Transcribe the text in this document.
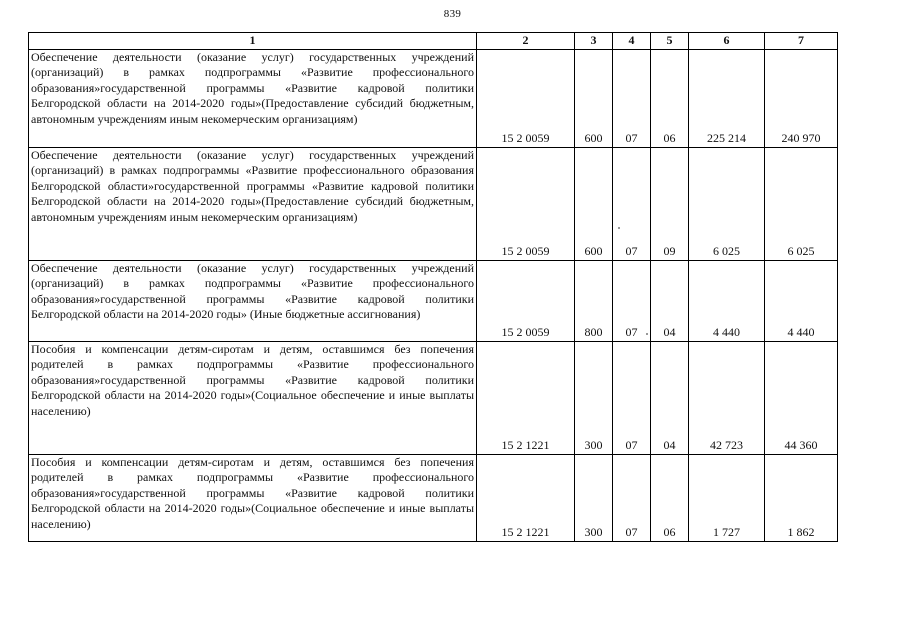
839
1	2	3	4	5	6	7
Обеспечение деятельности (оказание услуг) государственных учреждений (организаций) в рамках подпрограммы «Развитие профессионального образования»государственной программы «Развитие кадровой политики Белгородской области на 2014-2020 годы»(Предоставление субсидий бюджетным, автономным учреждениям иным некомерческим организациям)	15 2 0059	600	07	06	225 214	240 970
Обеспечение деятельности (оказание услуг) государственных учреждений (организаций) в рамках подпрограммы «Развитие профессионального образования Белгородской области»государственной программы «Развитие кадровой политики Белгородской области на 2014-2020 годы»(Предоставление субсидий бюджетным, автономным учреждениям иным некомерческим организациям)	15 2 0059	600	07	09	6 025	6 025
Обеспечение деятельности (оказание услуг) государственных учреждений (организаций) в рамках подпрограммы «Развитие профессионального образования»государственной программы «Развитие кадровой политики Белгородской области на 2014-2020 годы» (Иные бюджетные ассигнования)	15 2 0059	800	07	04	4 440	4 440
Пособия и компенсации детям-сиротам и детям, оставшимся без попечения родителей в рамках подпрограммы «Развитие профессионального образования»государственной программы «Развитие кадровой политики Белгородской области на 2014-2020 годы»(Социальное обеспечение и иные выплаты населению)	15 2 1221	300	07	04	42 723	44 360
Пособия и компенсации детям-сиротам и детям, оставшимся без попечения родителей в рамках подпрограммы «Развитие профессионального образования»государственной программы «Развитие кадровой политики Белгородской области на 2014-2020 годы»(Социальное обеспечение и иные выплаты населению)	15 2 1221	300	07	06	1 727	1 862
